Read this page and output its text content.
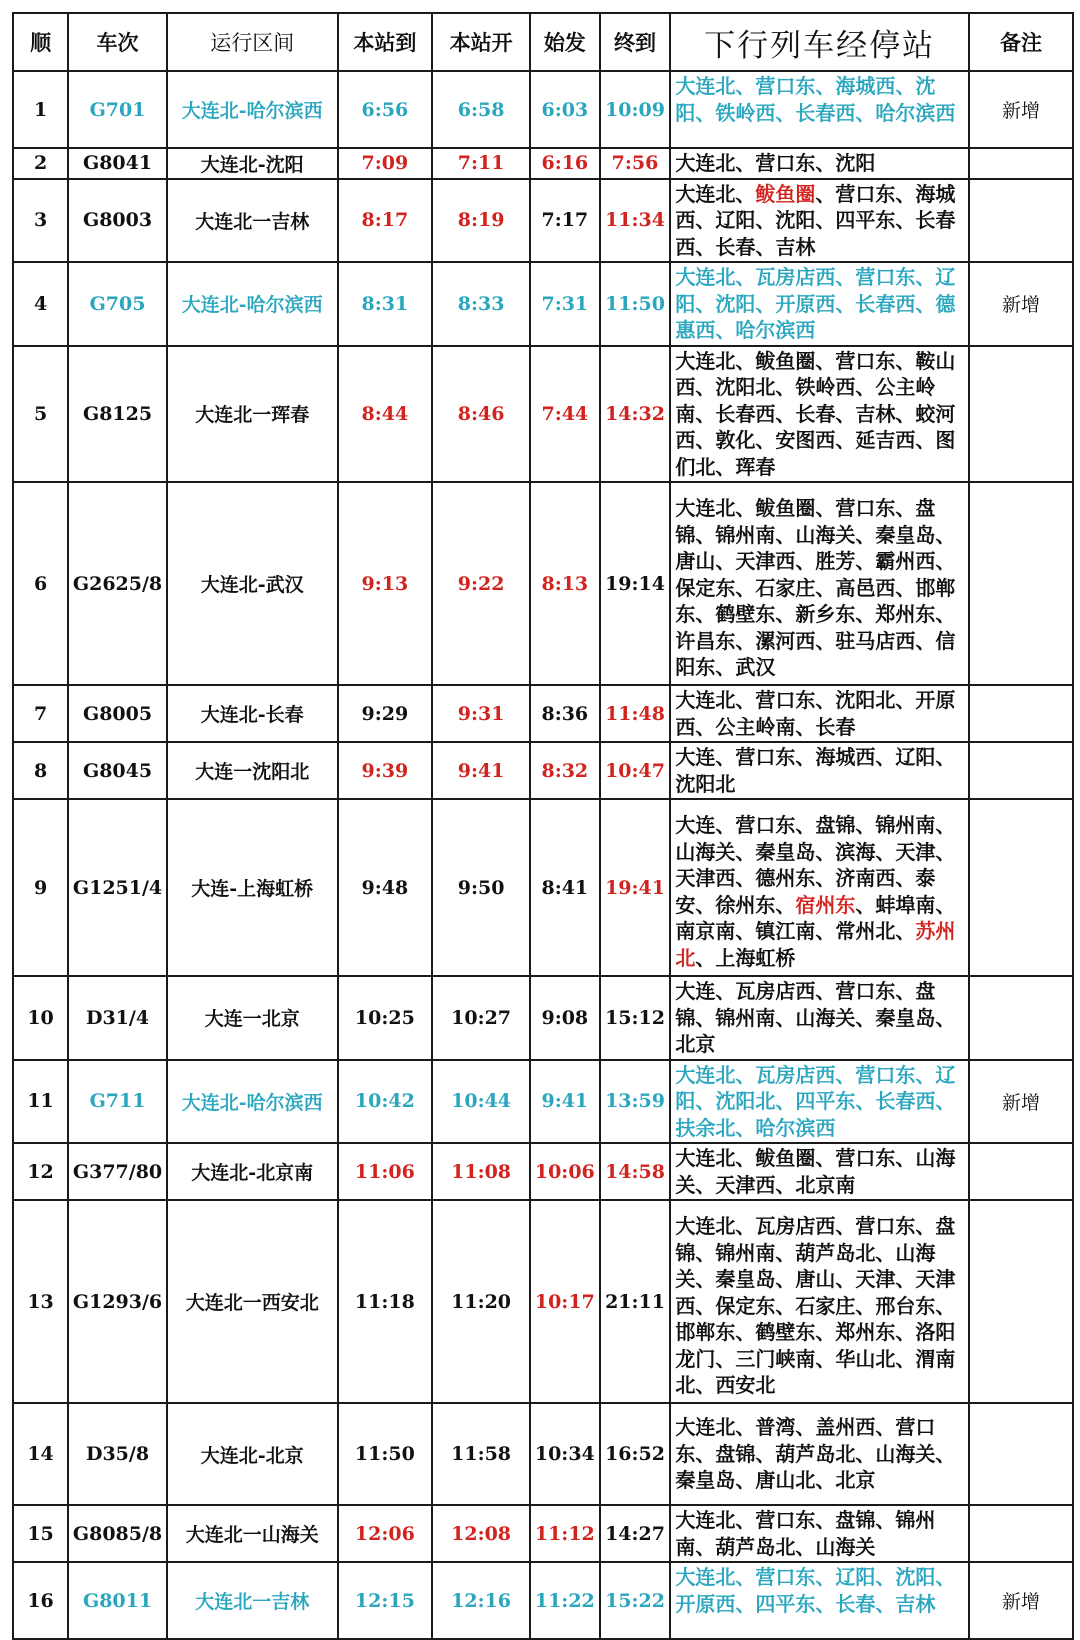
顺	车次	运行区间	本站到	本站开	始发	终到	下行列车经停站	备注
1	G701	大连北-哈尔滨西	6:56	6:58	6:03	10:09	大连北、营口东、海城西、沈阳、铁岭西、长春西、哈尔滨西	新增
2	G8041	大连北-沈阳	7:09	7:11	6:16	7:56	大连北、营口东、沈阳	
3	G8003	大连北一吉林	8:17	8:19	7:17	11:34	大连北、鲅鱼圈、营口东、海城西、辽阳、沈阳、四平东、长春西、长春、吉林	
4	G705	大连北-哈尔滨西	8:31	8:33	7:31	11:50	大连北、瓦房店西、营口东、辽阳、沈阳、开原西、长春西、德惠西、哈尔滨西	新增
5	G8125	大连北一珲春	8:44	8:46	7:44	14:32	大连北、鲅鱼圈、营口东、鞍山西、沈阳北、铁岭西、公主岭南、长春西、长春、吉林、蛟河西、敦化、安图西、延吉西、图们北、珲春	
6	G2625/8	大连北-武汉	9:13	9:22	8:13	19:14	大连北、鲅鱼圈、营口东、盘锦、锦州南、山海关、秦皇岛、唐山、天津西、胜芳、霸州西、保定东、石家庄、高邑西、邯郸东、鹤壁东、新乡东、郑州东、许昌东、漯河西、驻马店西、信阳东、武汉	
7	G8005	大连北-长春	9:29	9:31	8:36	11:48	大连北、营口东、沈阳北、开原西、公主岭南、长春	
8	G8045	大连一沈阳北	9:39	9:41	8:32	10:47	大连、营口东、海城西、辽阳、沈阳北	
9	G1251/4	大连-上海虹桥	9:48	9:50	8:41	19:41	大连、营口东、盘锦、锦州南、山海关、秦皇岛、滨海、天津、天津西、德州东、济南西、泰安、徐州东、宿州东、蚌埠南、南京南、镇江南、常州北、苏州北、上海虹桥	
10	D31/4	大连一北京	10:25	10:27	9:08	15:12	大连、瓦房店西、营口东、盘锦、锦州南、山海关、秦皇岛、北京	
11	G711	大连北-哈尔滨西	10:42	10:44	9:41	13:59	大连北、瓦房店西、营口东、辽阳、沈阳北、四平东、长春西、扶余北、哈尔滨西	新增
12	G377/80	大连北-北京南	11:06	11:08	10:06	14:58	大连北、鲅鱼圈、营口东、山海关、天津西、北京南	
13	G1293/6	大连北一西安北	11:18	11:20	10:17	21:11	大连北、瓦房店西、营口东、盘锦、锦州南、葫芦岛北、山海关、秦皇岛、唐山、天津、天津西、保定东、石家庄、邢台东、邯郸东、鹤壁东、郑州东、洛阳龙门、三门峡南、华山北、渭南北、西安北	
14	D35/8	大连北-北京	11:50	11:58	10:34	16:52	大连北、普湾、盖州西、营口东、盘锦、葫芦岛北、山海关、秦皇岛、唐山北、北京	
15	G8085/8	大连北一山海关	12:06	12:08	11:12	14:27	大连北、营口东、盘锦、锦州南、葫芦岛北、山海关	
16	G8011	大连北一吉林	12:15	12:16	11:22	15:22	大连北、营口东、辽阳、沈阳、开原西、四平东、长春、吉林	新增
